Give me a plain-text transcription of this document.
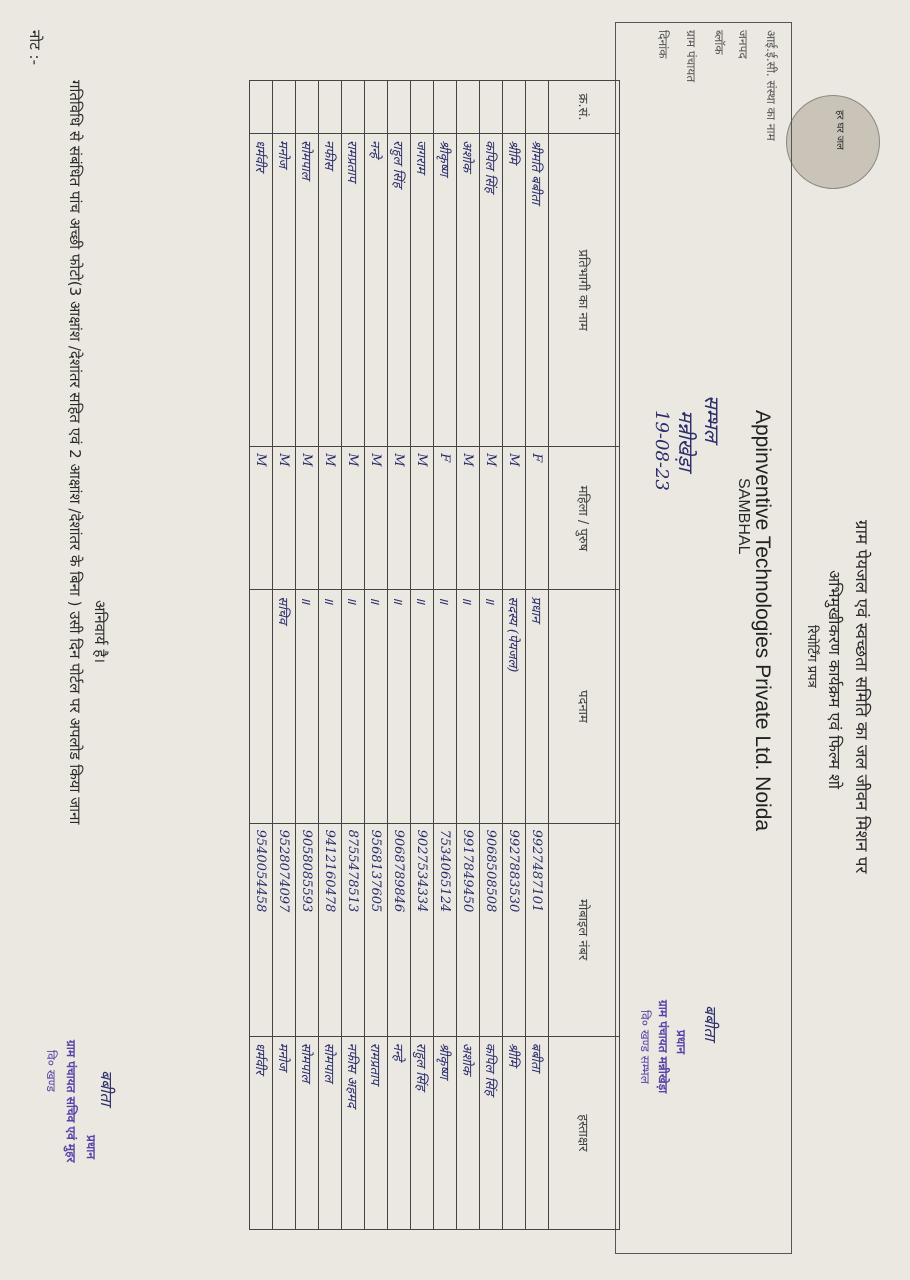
हर घर जल
ग्राम पेयजल एवं स्वच्छता समिति का जल जीवन मिशन पर
अभिमुखीकरण कार्यक्रम एवं फिल्म शो
रिपोर्टिंग प्रपत्र
आई.ई.सी. संस्था का नाम
Appinventive Technologies Private Ltd. Noida
जनपद
SAMBHAL
ब्लॉक
सम्भल
ग्राम पंचायत
मन्नीखेड़ा
दिनांक
19-08-23
बबीता
प्रधान
ग्राम पंचायत मन्नीखेड़ा
वि० खण्ड सम्भल
क्र.सं.	प्रतिभागी का नाम	महिला / पुरुष	पदनाम	मोबाइल नंबर	हस्ताक्षर
	श्रीमति बबीता	F	प्रधान	9927487101	बबीता
	श्रीमि	M	सदस्य (पेयजल)	9927883530	श्रीमि
	कपिल सिंह	M	॥	9068508508	कपिल सिंह
	अशोक	M	॥	9917849450	अशोक
	श्रीकृष्ण	F	॥	7534065124	श्रीकृष्ण
	जगराम	M	॥	9027534334	राहुल सिंह
	राहुल सिंह	M	॥	9068789846	नन्हे
	नन्हे	M	॥	9568137605	रामप्रताप
	रामप्रताप	M	॥	8755478513	नफीस अहमद
	नफीस	M	॥	9412160478	सोमपाल
	सोमपाल	M	॥	9058085593	सोमपाल
	मनोज	M	सचिव	9528074097	मनोज
	धर्मवीर	M		9540054458	धर्मवीर
नोट :-
गतिविधि से संबंधित पांच अच्छी फोटो(3 आक्षांश /देशांतर सहित एवं 2 आक्षांश /देशांतर के बिना ) उसी दिन पोर्टल पर अपलोड किया जाना अनिवार्य है।
बबीता
प्रधान
ग्राम पंचायत सचिव एवं मुहर
वि० खण्ड
